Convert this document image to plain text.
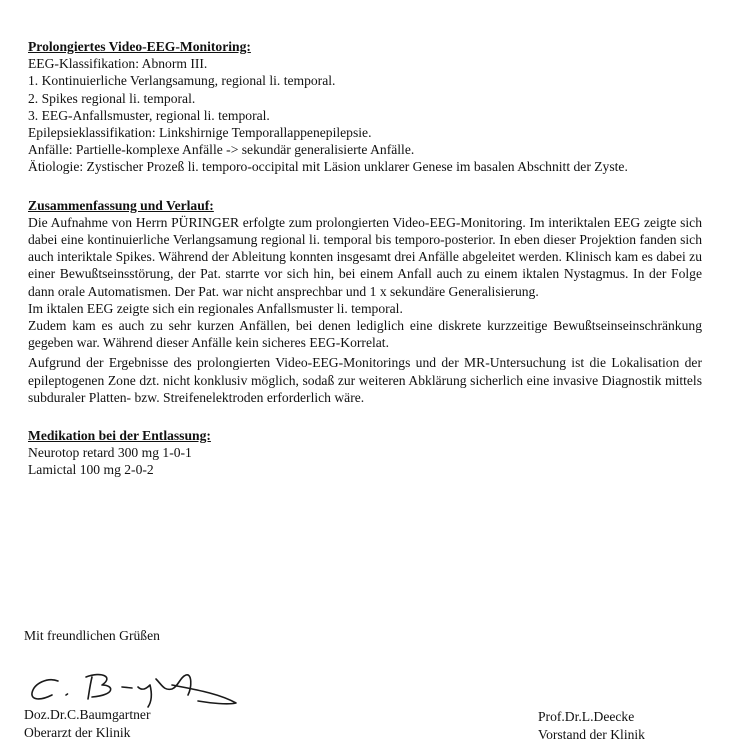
Prolongiertes Video-EEG-Monitoring:
EEG-Klassifikation: Abnorm III.
1. Kontinuierliche Verlangsamung, regional li. temporal.
2. Spikes regional li. temporal.
3. EEG-Anfallsmuster, regional li. temporal.
Epilepsieklassifikation: Linkshirnige Temporallappenepilepsie.
Anfälle: Partielle-komplexe Anfälle -> sekundär generalisierte Anfälle.
Ätiologie: Zystischer Prozeß li. temporo-occipital mit Läsion unklarer Genese im basalen Abschnitt der Zyste.
Zusammenfassung und Verlauf:
Die Aufnahme von Herrn PÜRINGER erfolgte zum prolongierten Video-EEG-Monitoring. Im interiktalen EEG zeigte sich dabei eine kontinuierliche Verlangsamung regional li. temporal bis temporo-posterior. In eben dieser Projektion fanden sich auch interiktale Spikes. Während der Ableitung konnten insgesamt drei Anfälle abgeleitet werden. Klinisch kam es dabei zu einer Bewußtseinsstörung, der Pat. starrte vor sich hin, bei einem Anfall auch zu einem iktalen Nystagmus. In der Folge dann orale Automatismen. Der Pat. war nicht ansprechbar und 1 x sekundäre Generalisierung.
Im iktalen EEG zeigte sich ein regionales Anfallsmuster li. temporal.
Zudem kam es auch zu sehr kurzen Anfällen, bei denen lediglich eine diskrete kurzzeitige Bewußtseinseinschränkung gegeben war. Während dieser Anfälle kein sicheres EEG-Korrelat.
Aufgrund der Ergebnisse des prolongierten Video-EEG-Monitorings und der MR-Untersuchung ist die Lokalisation der epileptogenen Zone dzt. nicht konklusiv möglich, sodaß zur weiteren Abklärung sicherlich eine invasive Diagnostik mittels subduraler Platten- bzw. Streifenelektroden erforderlich wäre.
Medikation bei der Entlassung:
Neurotop retard 300 mg 1-0-1
Lamictal 100 mg 2-0-2
Mit freundlichen Grüßen
Doz.Dr.C.Baumgartner
Oberarzt der Klinik
Prof.Dr.L.Deecke
Vorstand der Klinik
